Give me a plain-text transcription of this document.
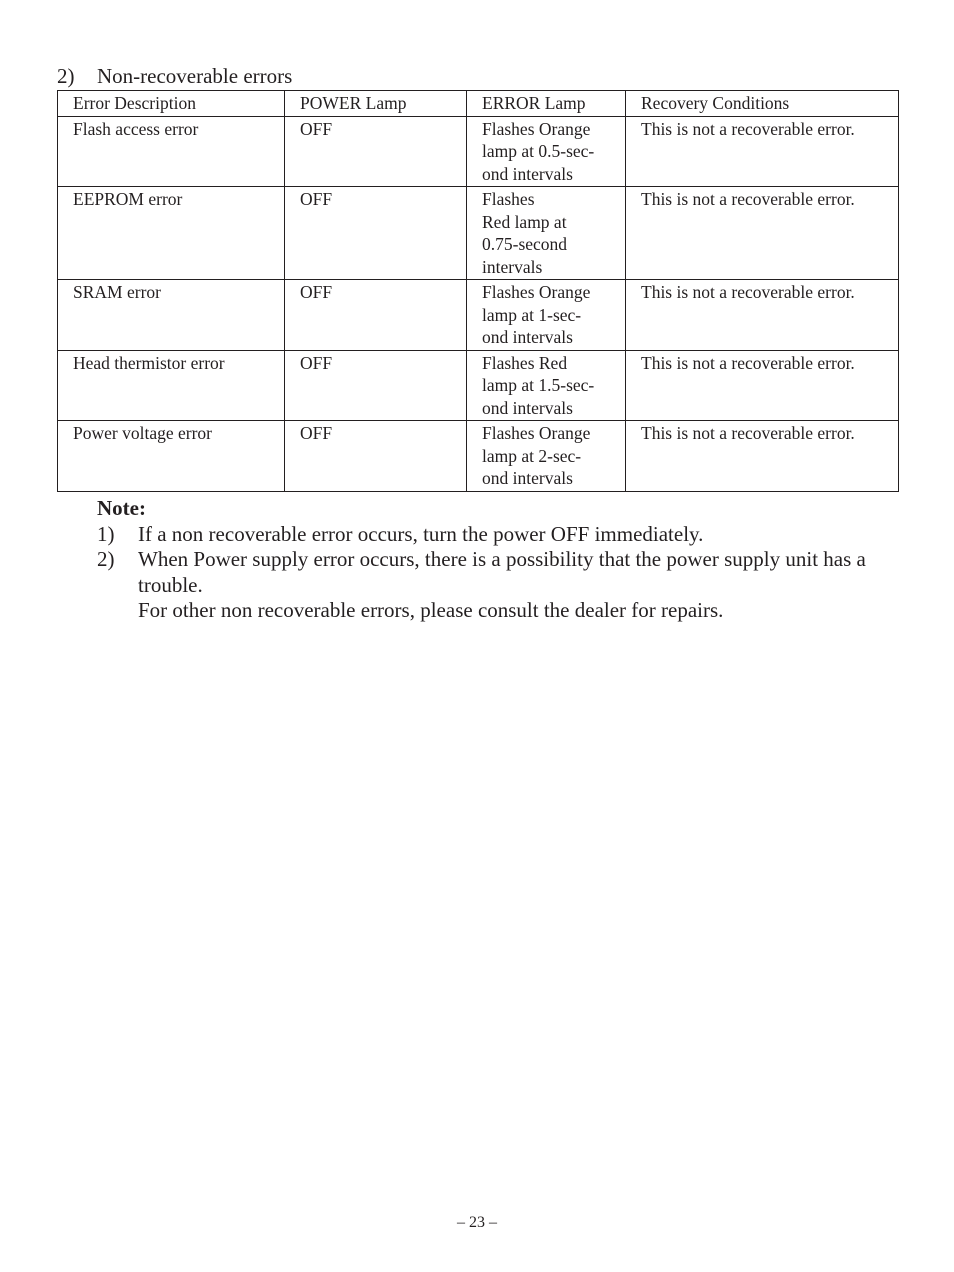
2) Non-recoverable errors
Error Description	POWER Lamp	ERROR Lamp	Recovery Conditions
Flash access error	OFF	Flashes Orange
lamp at 0.5-sec-
ond intervals	This is not a recoverable error.
EEPROM error	OFF	Flashes
Red lamp at
0.75-second
intervals	This is not a recoverable error.
SRAM error	OFF	Flashes Orange
lamp at 1-sec-
ond intervals	This is not a recoverable error.
Head thermistor error	OFF	Flashes Red
lamp at 1.5-sec-
ond intervals	This is not a recoverable error.
Power voltage error	OFF	Flashes Orange
lamp at 2-sec-
ond intervals	This is not a recoverable error.
Note:
1)	If a non recoverable error occurs, turn the power OFF immediately.
2)	When Power supply error occurs, there is a possibility that the power supply unit has a trouble.
For other non recoverable errors, please consult the dealer for repairs.
– 23 –
